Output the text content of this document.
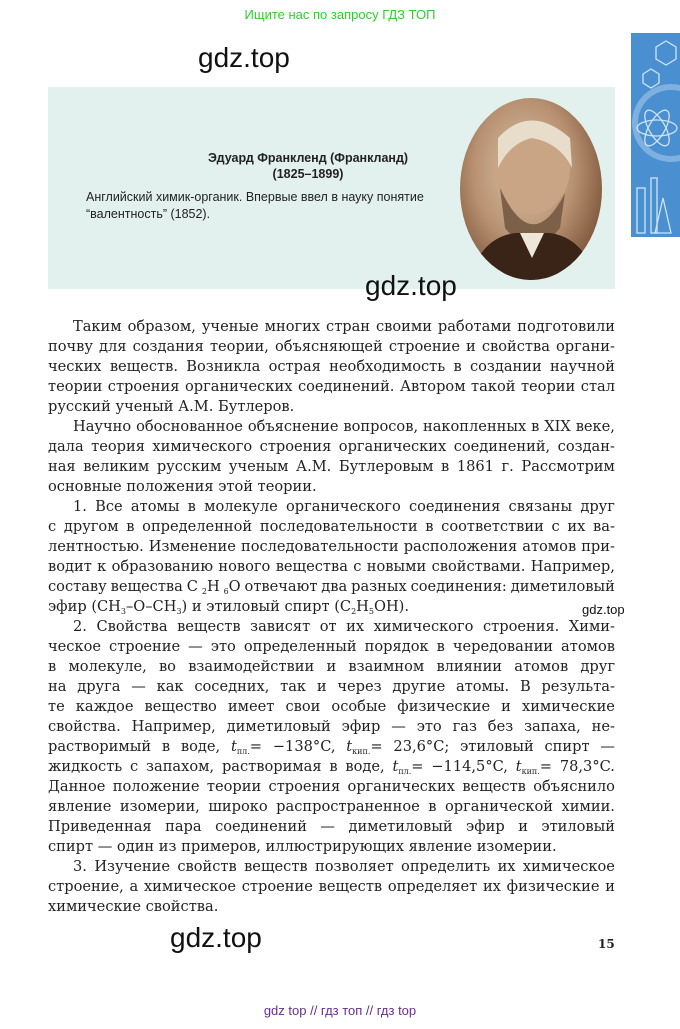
Ищите нас по запросу ГДЗ ТОП
gdz.top
Эдуард Франкленд (Франкланд)
(1825–1899)
Английский химик-органик. Впервые ввел в науку понятие “валентность” (1852).
gdz.top
Таким образом, ученые многих стран своими работами подготовили
почву для создания теории, объясняющей строение и свойства органи-
ческих веществ. Возникла острая необходимость в создании научной
теории строения органических соединений. Автором такой теории стал
русский ученый А.М. Бутлеров.
Научно обоснованное объяснение вопросов, накопленных в XIX веке,
дала теория химического строения органических соединений, создан-
ная великим русским ученым А.М. Бутлеровым в 1861 г. Рассмотрим
основные положения этой теории.
1. Все атомы в молекуле органического соединения связаны друг
с другом в определенной последовательности в соответствии с их ва-
лентностью. Изменение последовательности расположения атомов при-
водит к образованию нового вещества с новыми свойствами. Например,
составу вещества C $_2$H $_6$O отвечают два разных соединения: диметиловый
эфир $(CH_3-O-CH_3)$ и этиловый спирт $(C_2H_5OH)$.
2. Свойства веществ зависят от их химического строения. Хими-
ческое строение — это определенный порядок в чередовании атомов
в молекуле, во взаимодействии и взаимном влиянии атомов друг
на друга — как соседних, так и через другие атомы. В результа-
те каждое вещество имеет свои особые физические и химические
свойства. Например, диметиловый эфир — это газ без запаха, не-
растворимый в воде, $t_{пл.}= -138^\circ C$, $t_{кип.}= 23,6^\circ C$; этиловый спирт —
жидкость с запахом, растворимая в воде, $t_{пл.}= -114,5^\circ C$, $t_{кип.}= 78,3^\circ C$.
Данное положение теории строения органических веществ объяснило
явление изомерии, широко распространенное в органической химии.
Приведенная пара соединений — диметиловый эфир и этиловый
спирт — один из примеров, иллюстрирующих явление изомерии.
3. Изучение свойств веществ позволяет определить их химическое
строение, а химическое строение веществ определяет их физические и
химические свойства.
gdz.top
gdz.top	15
gdz top // гдз топ // гдз top
